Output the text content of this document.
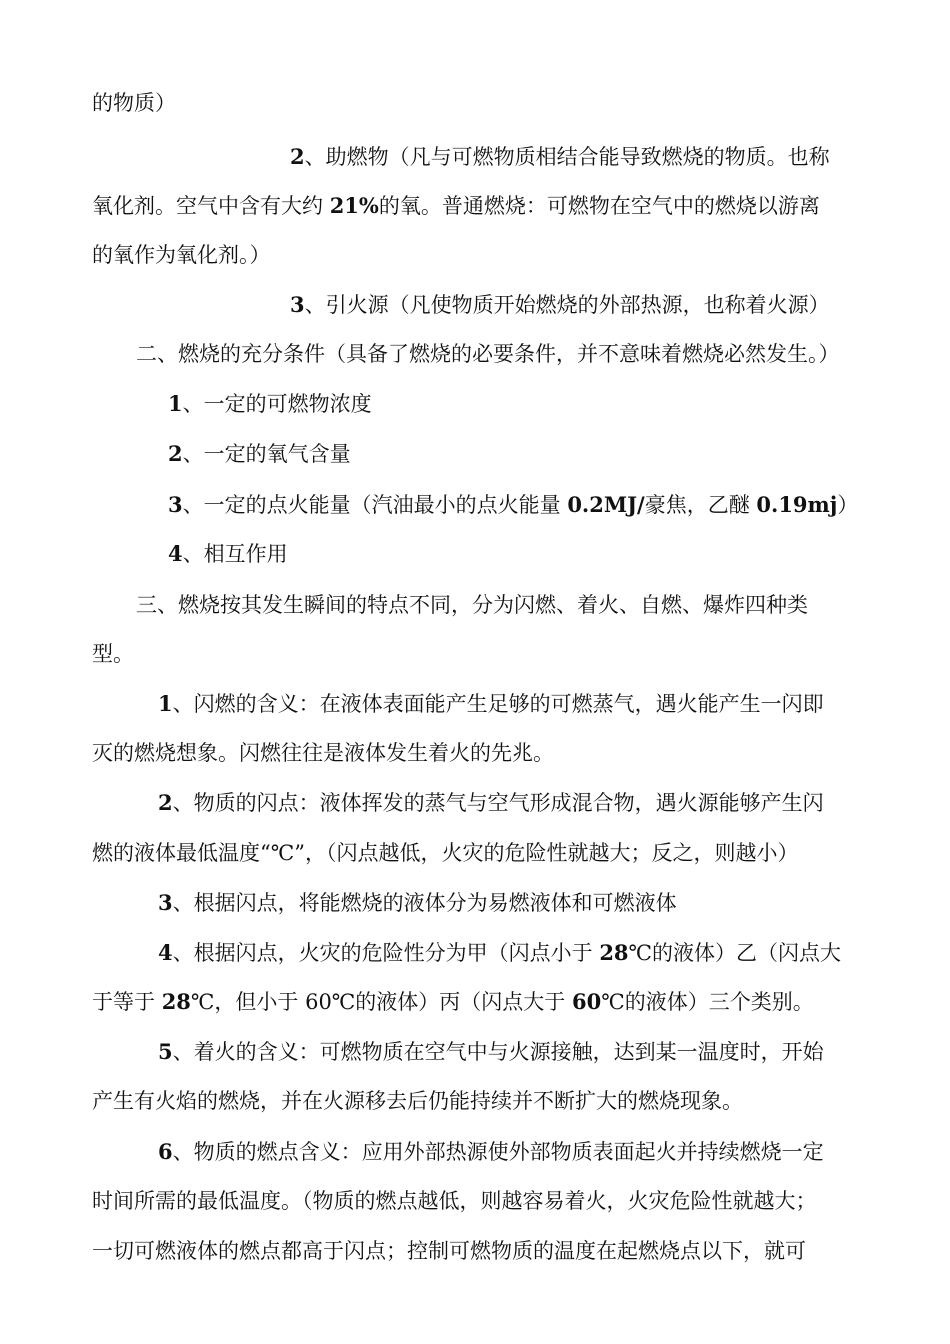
的物质）
2、助燃物（凡与可燃物质相结合能导致燃烧的物质。也称
氧化剂。空气中含有大约 21%的氧。普通燃烧：可燃物在空气中的燃烧以游离
的氧作为氧化剂。）
3、引火源（凡使物质开始燃烧的外部热源，也称着火源）
二、燃烧的充分条件（具备了燃烧的必要条件，并不意味着燃烧必然发生。）
1、一定的可燃物浓度
2、一定的氧气含量
3、一定的点火能量（汽油最小的点火能量 0.2MJ/豪焦，乙醚 0.19mj）
4、相互作用
三、燃烧按其发生瞬间的特点不同，分为闪燃、着火、自燃、爆炸四种类
型。
1、闪燃的含义：在液体表面能产生足够的可燃蒸气，遇火能产生一闪即
灭的燃烧想象。闪燃往往是液体发生着火的先兆。
2、物质的闪点：液体挥发的蒸气与空气形成混合物，遇火源能够产生闪
燃的液体最低温度“℃”，（闪点越低，火灾的危险性就越大；反之，则越小）
3、根据闪点，将能燃烧的液体分为易燃液体和可燃液体
4、根据闪点，火灾的危险性分为甲（闪点小于 28℃的液体）乙（闪点大
于等于 28℃，但小于 60℃的液体）丙（闪点大于 60℃的液体）三个类别。
5、着火的含义：可燃物质在空气中与火源接触，达到某一温度时，开始
产生有火焰的燃烧，并在火源移去后仍能持续并不断扩大的燃烧现象。
6、物质的燃点含义：应用外部热源使外部物质表面起火并持续燃烧一定
时间所需的最低温度。（物质的燃点越低，则越容易着火，火灾危险性就越大；
一切可燃液体的燃点都高于闪点；控制可燃物质的温度在起燃烧点以下，就可
